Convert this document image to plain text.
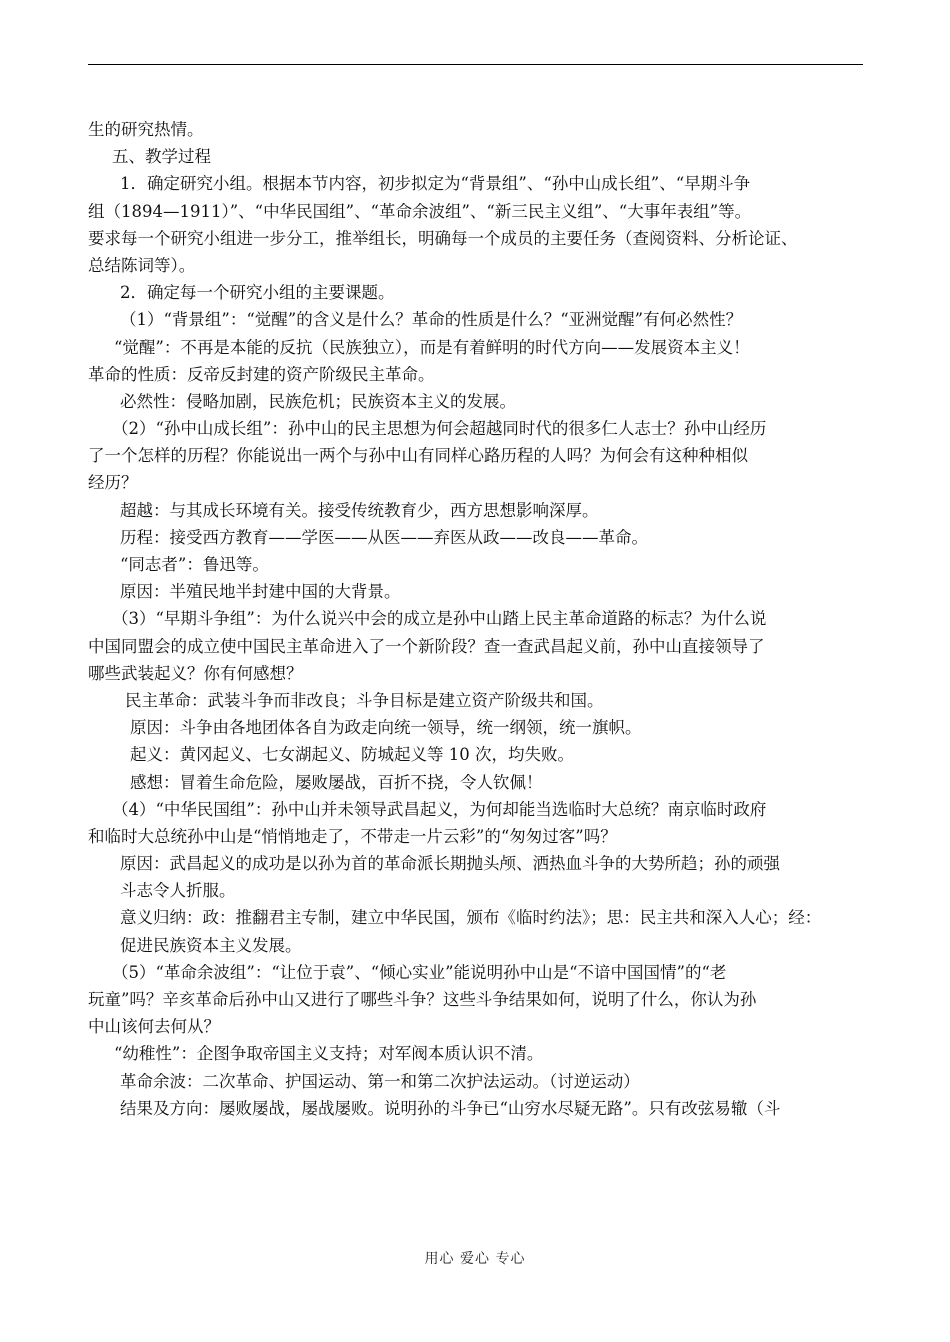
生的研究热情。
五、教学过程
1．确定研究小组。根据本节内容，初步拟定为“背景组”、“孙中山成长组”、“早期斗争
组（1894—1911）”、“中华民国组”、“革命余波组”、“新三民主义组”、“大事年表组”等。
要求每一个研究小组进一步分工，推举组长，明确每一个成员的主要任务（查阅资料、分析论证、
总结陈词等）。
2．确定每一个研究小组的主要课题。
（1）“背景组”：“觉醒”的含义是什么？革命的性质是什么？“亚洲觉醒”有何必然性？
“觉醒”：不再是本能的反抗（民族独立），而是有着鲜明的时代方向——发展资本主义！
革命的性质：反帝反封建的资产阶级民主革命。
必然性：侵略加剧，民族危机；民族资本主义的发展。
（2）“孙中山成长组”：孙中山的民主思想为何会超越同时代的很多仁人志士？孙中山经历
了一个怎样的历程？你能说出一两个与孙中山有同样心路历程的人吗？为何会有这种种相似
经历？
超越：与其成长环境有关。接受传统教育少，西方思想影响深厚。
历程：接受西方教育——学医——从医——弃医从政——改良——革命。
“同志者”：鲁迅等。
原因：半殖民地半封建中国的大背景。
（3）“早期斗争组”：为什么说兴中会的成立是孙中山踏上民主革命道路的标志？为什么说
中国同盟会的成立使中国民主革命进入了一个新阶段？查一查武昌起义前，孙中山直接领导了
哪些武装起义？你有何感想？
民主革命：武装斗争而非改良；斗争目标是建立资产阶级共和国。
原因：斗争由各地团体各自为政走向统一领导，统一纲领，统一旗帜。
起义：黄冈起义、七女湖起义、防城起义等 10 次，均失败。
感想：冒着生命危险，屡败屡战，百折不挠，令人钦佩！
（4）“中华民国组”：孙中山并未领导武昌起义，为何却能当选临时大总统？南京临时政府
和临时大总统孙中山是“悄悄地走了，不带走一片云彩”的“匆匆过客”吗？
原因：武昌起义的成功是以孙为首的革命派长期抛头颅、洒热血斗争的大势所趋；孙的顽强
斗志令人折服。
意义归纳：政：推翻君主专制，建立中华民国，颁布《临时约法》；思：民主共和深入人心；经：
促进民族资本主义发展。
（5）“革命余波组”：“让位于袁”、“倾心实业”能说明孙中山是“不谙中国国情”的“老
玩童”吗？辛亥革命后孙中山又进行了哪些斗争？这些斗争结果如何，说明了什么，你认为孙
中山该何去何从？
“幼稚性”：企图争取帝国主义支持；对军阀本质认识不清。
革命余波：二次革命、护国运动、第一和第二次护法运动。（讨逆运动）
结果及方向：屡败屡战，屡战屡败。说明孙的斗争已“山穷水尽疑无路”。只有改弦易辙（斗
用心 爱心 专心
